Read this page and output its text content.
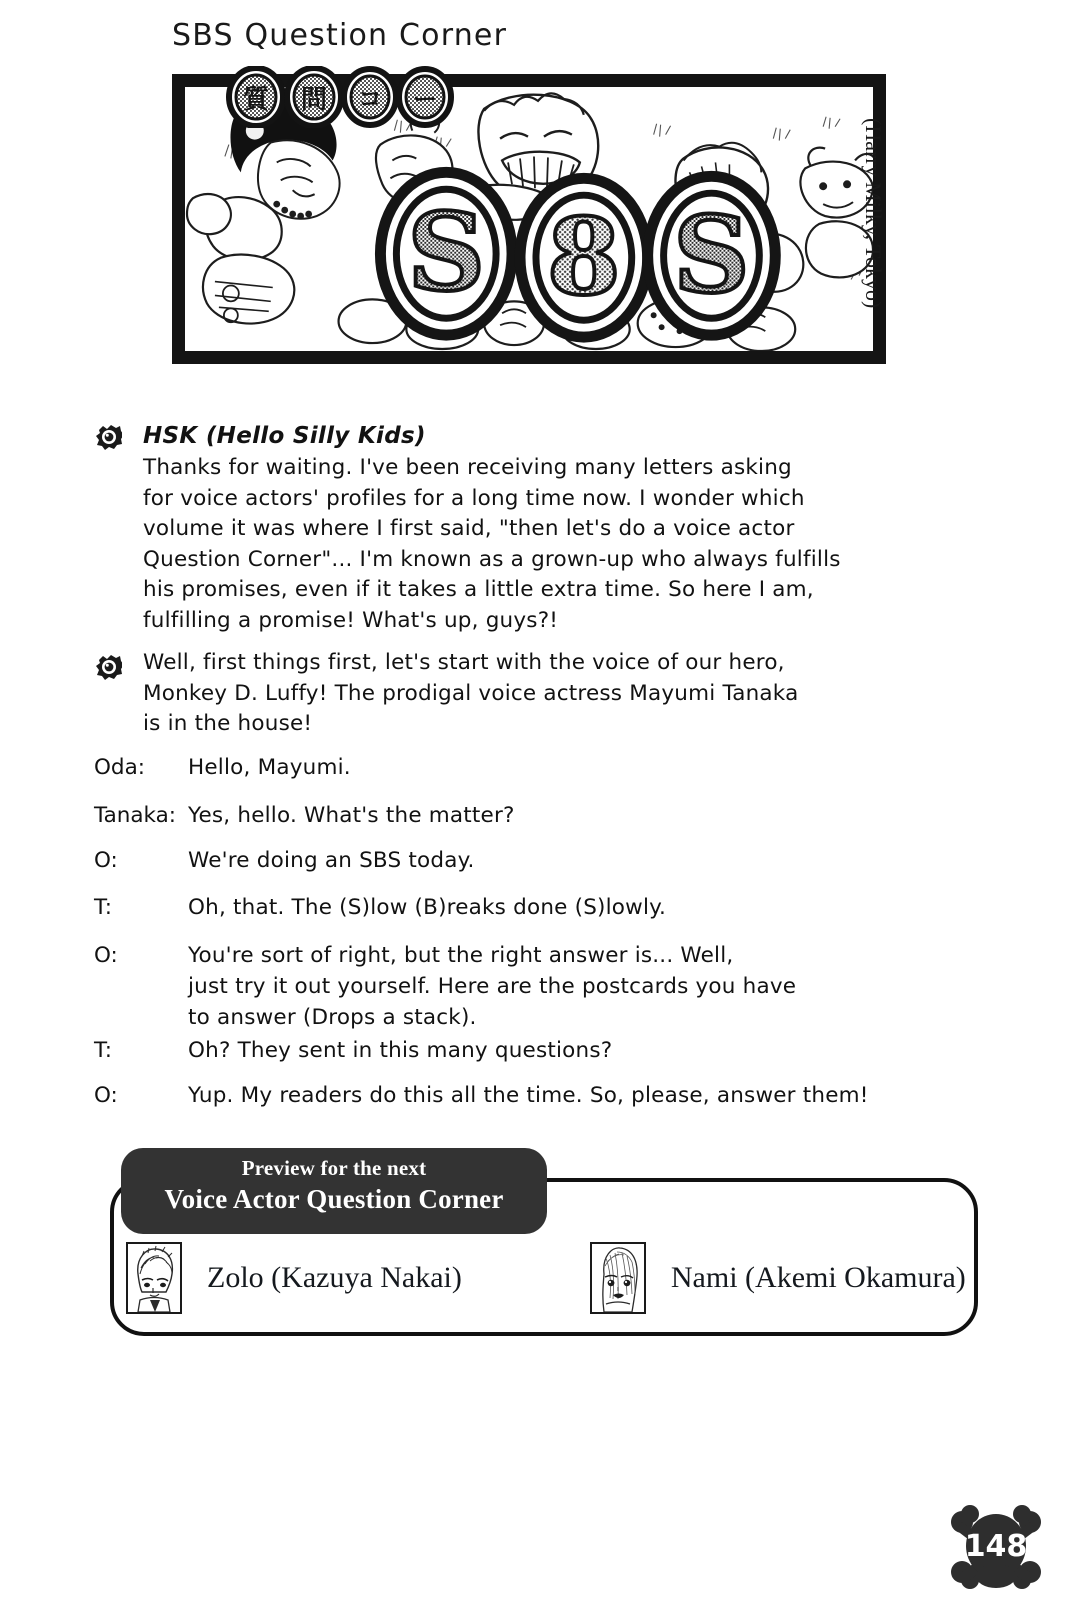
SBS Question Corner
S 8 S
質 問 コ ー
(Harry Milky, Tokyo)
HSK (Hello Silly Kids)
Thanks for waiting. I've been receiving many letters asking
for voice actors' profiles for a long time now. I wonder which
volume it was where I first said, "then let's do a voice actor
Question Corner"... I'm known as a grown-up who always fulfills
his promises, even if it takes a little extra time. So here I am,
fulfilling a promise! What's up, guys?!
Well, first things first, let's start with the voice of our hero,
Monkey D. Luffy! The prodigal voice actress Mayumi Tanaka
is in the house!
Oda:	Hello, Mayumi.
Tanaka: Yes, hello. What's the matter?
O:	We're doing an SBS today.
T:	Oh, that. The (S)low (B)reaks done (S)lowly.
O:	You're sort of right, but the right answer is... Well,
just try it out yourself. Here are the postcards you have
to answer (Drops a stack).
T:	Oh? They sent in this many questions?
O:	Yup. My readers do this all the time. So, please, answer them!
Preview for the next
Voice Actor Question Corner
Zolo (Kazuya Nakai)	Nami (Akemi Okamura)
148
